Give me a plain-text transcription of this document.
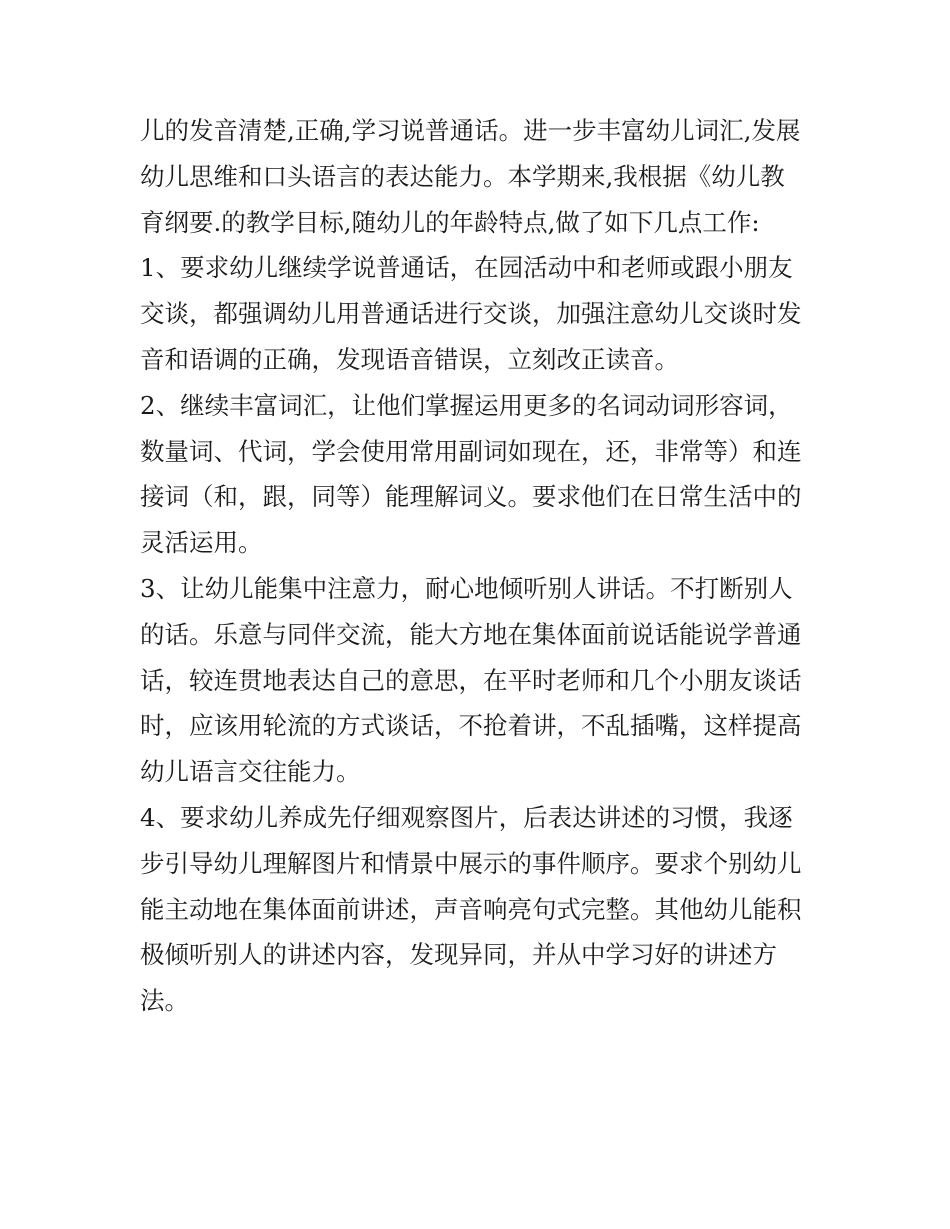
儿的发音清楚,正确,学习说普通话。进一步丰富幼儿词汇,发展
幼儿思维和口头语言的表达能力。本学期来,我根据《幼儿教
育纲要.的教学目标,随幼儿的年龄特点,做了如下几点工作:
1、要求幼儿继续学说普通话，在园活动中和老师或跟小朋友
交谈，都强调幼儿用普通话进行交谈，加强注意幼儿交谈时发
音和语调的正确，发现语音错误，立刻改正读音。
2、继续丰富词汇，让他们掌握运用更多的名词动词形容词，
数量词、代词，学会使用常用副词如现在，还，非常等）和连
接词（和，跟，同等）能理解词义。要求他们在日常生活中的
灵活运用。
3、让幼儿能集中注意力，耐心地倾听别人讲话。不打断别人
的话。乐意与同伴交流，能大方地在集体面前说话能说学普通
话，较连贯地表达自己的意思，在平时老师和几个小朋友谈话
时，应该用轮流的方式谈话，不抢着讲，不乱插嘴，这样提高
幼儿语言交往能力。
4、要求幼儿养成先仔细观察图片，后表达讲述的习惯，我逐
步引导幼儿理解图片和情景中展示的事件顺序。要求个别幼儿
能主动地在集体面前讲述，声音响亮句式完整。其他幼儿能积
极倾听别人的讲述内容，发现异同，并从中学习好的讲述方
法。
